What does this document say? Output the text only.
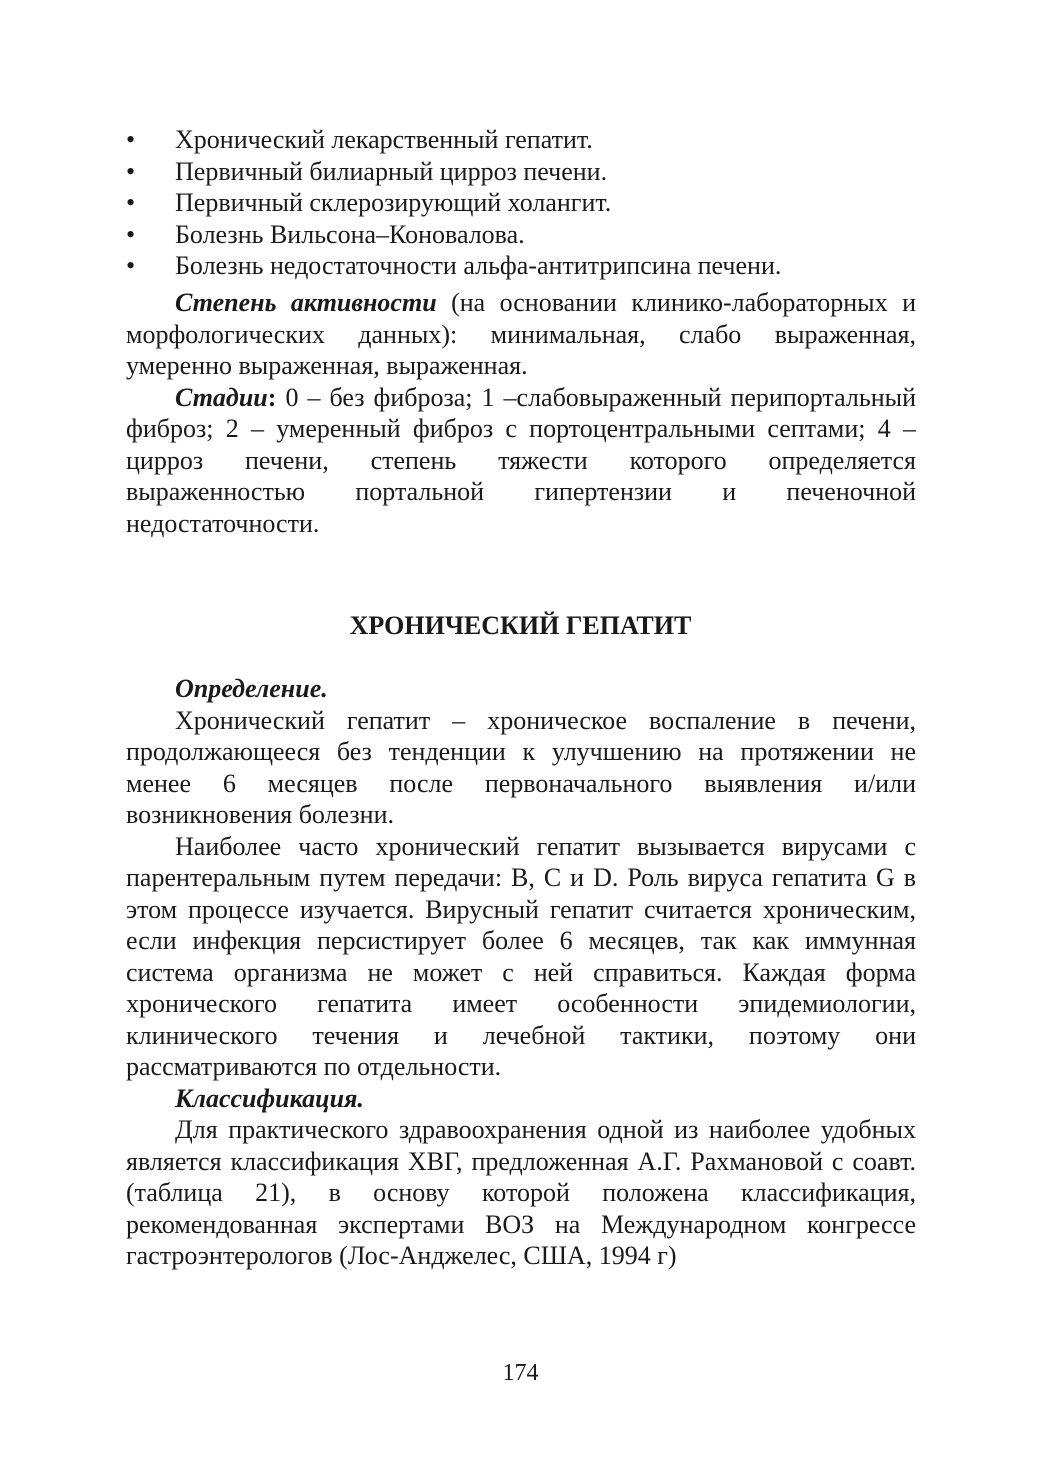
• Хронический лекарственный гепатит.
• Первичный билиарный цирроз печени.
• Первичный склерозирующий холангит.
• Болезнь Вильсона–Коновалова.
• Болезнь недостаточности альфа-антитрипсина печени.

Степень активности (на основании клинико-лабораторных и морфологических данных): минимальная, слабо выраженная, умеренно выраженная, выраженная.

Стадии: 0 – без фиброза; 1 –слабовыраженный перипортальный фиброз; 2 – умеренный фиброз с портоцентральными септами; 4 – цирроз печени, степень тяжести которого определяется выраженностью портальной гипертензии и печеночной недостаточности.

ХРОНИЧЕСКИЙ ГЕПАТИТ
Определение.

Хронический гепатит – хроническое воспаление в печени, продолжающееся без тенденции к улучшению на протяжении не менее 6 месяцев после первоначального выявления и/или возникновения болезни.

Наиболее часто хронический гепатит вызывается вирусами с парентеральным путем передачи: B, C и D. Роль вируса гепатита G в этом процессе изучается. Вирусный гепатит считается хроническим, если инфекция персистирует более 6 месяцев, так как иммунная система организма не может с ней справиться. Каждая форма хронического гепатита имеет особенности эпидемиологии, клинического течения и лечебной тактики, поэтому они рассматриваются по отдельности.

Классификация.

Для практического здравоохранения одной из наиболее удобных является классификация ХВГ, предложенная А.Г. Рахмановой с соавт. (таблица 21), в основу которой положена классификация, рекомендованная экспертами ВОЗ на Международном конгрессе гастроэнтерологов (Лос-Анджелес, США, 1994 г)

174
